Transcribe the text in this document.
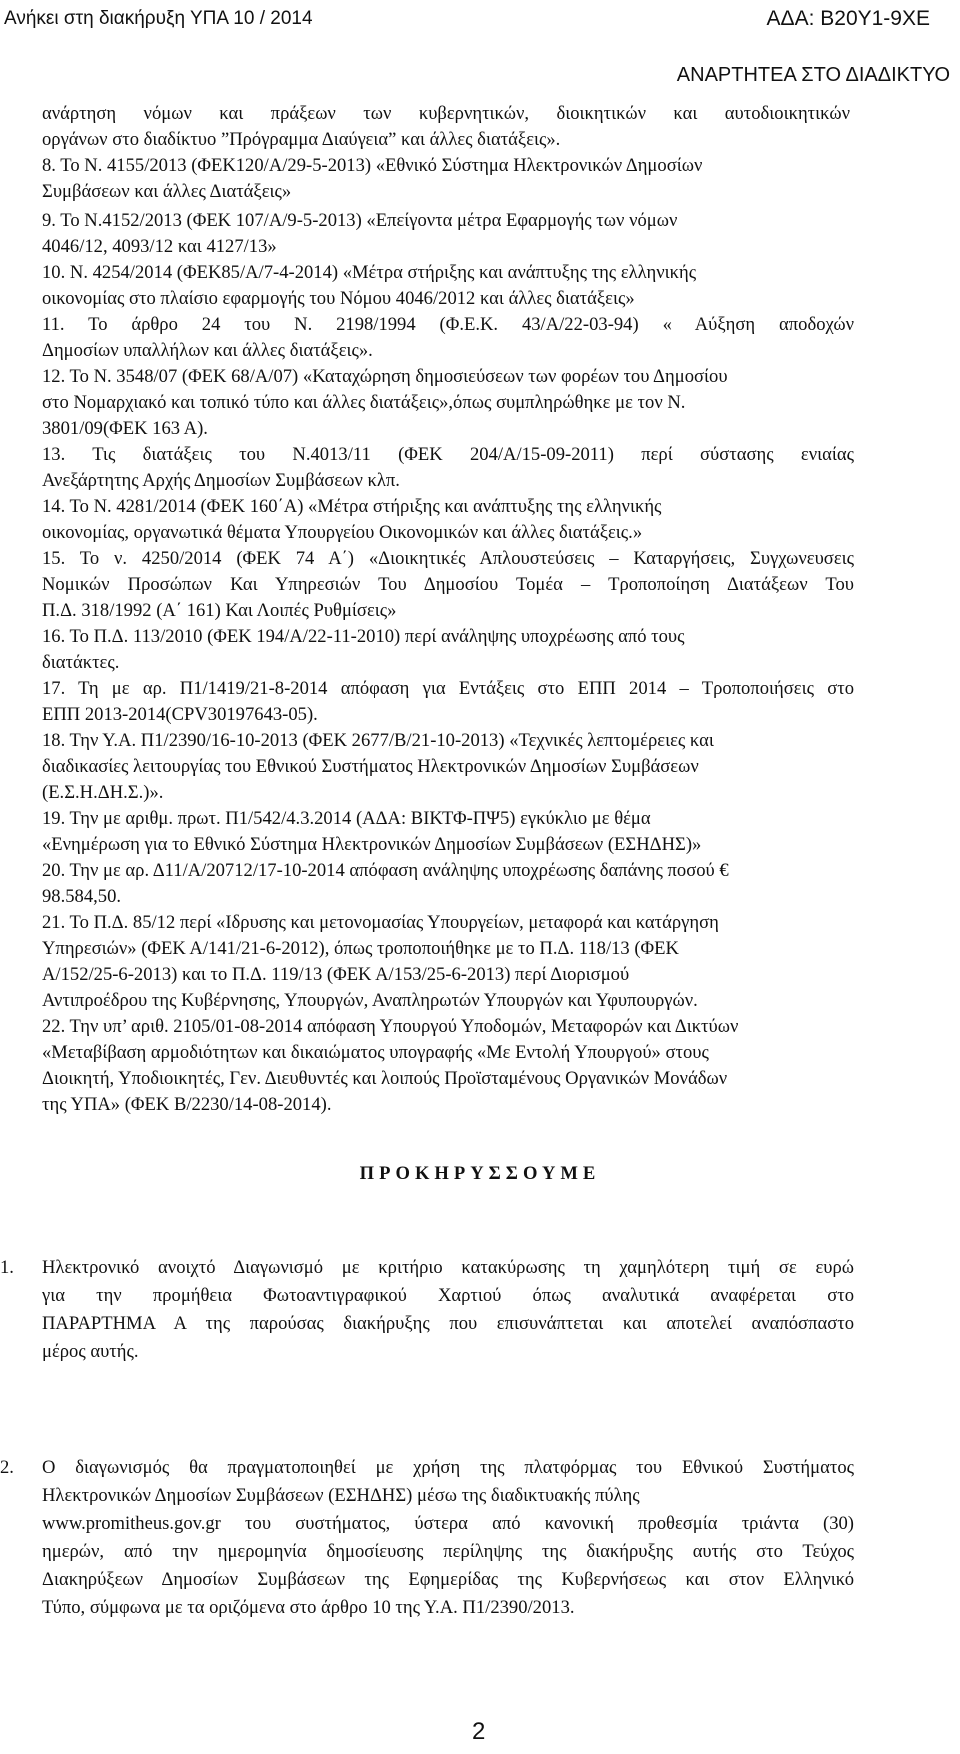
Ανήκει στη διακήρυξη ΥΠΑ 10 / 2014	ΑΔΑ: Β20Υ1-9ΧΕ
ΑΝΑΡΤΗΤΕΑ ΣΤΟ ΔΙΑΔΙΚΤΥΟ
ανάρτηση νόμων και πράξεων των κυβερνητικών, διοικητικών και αυτοδιοικητικών
οργάνων στο διαδίκτυο ”Πρόγραμμα Διαύγεια” και άλλες διατάξεις».
8. Το Ν. 4155/2013 (ΦΕΚ120/Α/29-5-2013) «Εθνικό Σύστημα Ηλεκτρονικών Δημοσίων
Συμβάσεων και άλλες Διατάξεις»
9. Το Ν.4152/2013 (ΦΕΚ 107/Α/9-5-2013) «Επείγοντα μέτρα Εφαρμογής των νόμων
4046/12, 4093/12 και 4127/13»
10. Ν. 4254/2014 (ΦΕΚ85/Α/7-4-2014) «Μέτρα στήριξης και ανάπτυξης της ελληνικής
οικονομίας στο πλαίσιο εφαρμογής του Νόμου 4046/2012 και άλλες διατάξεις»
11. Το άρθρο 24 του Ν. 2198/1994 (Φ.Ε.Κ. 43/Α/22-03-94) « Αύξηση αποδοχών
Δημοσίων υπαλλήλων και άλλες διατάξεις».
12. Το Ν. 3548/07 (ΦΕΚ 68/Α/07) «Καταχώρηση δημοσιεύσεων των φορέων του Δημοσίου
στο Νομαρχιακό και τοπικό τύπο και άλλες διατάξεις»,όπως συμπληρώθηκε με τον Ν.
3801/09(ΦΕΚ 163 Α).
13. Τις διατάξεις του Ν.4013/11 (ΦΕΚ 204/Α/15-09-2011) περί σύστασης ενιαίας
Ανεξάρτητης Αρχής Δημοσίων Συμβάσεων κλπ.
14. Το Ν. 4281/2014 (ΦΕΚ 160΄Α) «Μέτρα στήριξης και ανάπτυξης της ελληνικής
οικονομίας, οργανωτικά θέματα Υπουργείου Οικονομικών και άλλες διατάξεις.»
15. Το ν. 4250/2014 (ΦΕΚ 74 Α΄) «Διοικητικές Απλουστεύσεις – Καταργήσεις, Συγχωνευσεις
Νομικών Προσώπων Και Υπηρεσιών Του Δημοσίου Τομέα – Τροποποίηση Διατάξεων Του
Π.Δ. 318/1992 (Α΄ 161) Και Λοιπές Ρυθμίσεις»
16. Το Π.Δ. 113/2010 (ΦΕΚ 194/Α/22-11-2010) περί ανάληψης υποχρέωσης από τους
διατάκτες.
17. Τη με αρ. Π1/1419/21-8-2014 απόφαση για Εντάξεις στο ΕΠΠ 2014 – Τροποποιήσεις στο
ΕΠΠ 2013-2014(CPV30197643-05).
18. Την Υ.Α. Π1/2390/16-10-2013 (ΦΕΚ 2677/Β/21-10-2013) «Τεχνικές λεπτομέρειες και
διαδικασίες λειτουργίας του Εθνικού Συστήματος Ηλεκτρονικών Δημοσίων Συμβάσεων
(Ε.Σ.Η.ΔΗ.Σ.)».
19. Την με αριθμ. πρωτ. Π1/542/4.3.2014 (ΑΔΑ: ΒΙΚΤΦ-ΠΨ5) εγκύκλιο με θέμα
«Ενημέρωση για το Εθνικό Σύστημα Ηλεκτρονικών Δημοσίων Συμβάσεων (ΕΣΗΔΗΣ)»
20. Την με αρ. Δ11/Α/20712/17-10-2014 απόφαση ανάληψης υποχρέωσης δαπάνης ποσού €
98.584,50.
21. Το Π.Δ. 85/12 περί «Ιδρυσης και μετονομασίας Υπουργείων, μεταφορά και κατάργηση
Υπηρεσιών» (ΦΕΚ Α/141/21-6-2012), όπως τροποποιήθηκε με το Π.Δ. 118/13 (ΦΕΚ
Α/152/25-6-2013) και το Π.Δ. 119/13 (ΦΕΚ Α/153/25-6-2013) περί Διορισμού
Αντιπροέδρου της Κυβέρνησης, Υπουργών, Αναπληρωτών Υπουργών και Υφυπουργών.
22. Την υπ’ αριθ. 2105/01-08-2014 απόφαση Υπουργού Υποδομών, Μεταφορών και Δικτύων
«Μεταβίβαση αρμοδιότητων και δικαιώματος υπογραφής «Με Εντολή Υπουργού» στους
Διοικητή, Υποδιοικητές, Γεν. Διευθυντές και λοιπούς Προϊσταμένους Οργανικών Μονάδων
της ΥΠΑ» (ΦΕΚ Β/2230/14-08-2014).
ΠΡΟΚΗΡΥΣΣΟΥΜΕ
1. Ηλεκτρονικό ανοιχτό Διαγωνισμό με κριτήριο κατακύρωσης τη χαμηλότερη τιμή σε ευρώ
για την προμήθεια Φωτοαντιγραφικού Χαρτιού όπως αναλυτικά αναφέρεται στο
ΠΑΡΑΡΤΗΜΑ Α της παρούσας διακήρυξης που επισυνάπτεται και αποτελεί αναπόσπαστο
μέρος αυτής.
2. Ο διαγωνισμός θα πραγματοποιηθεί με χρήση της πλατφόρμας του Εθνικού Συστήματος
Ηλεκτρονικών Δημοσίων Συμβάσεων (ΕΣΗΔΗΣ) μέσω της διαδικτυακής πύλης
www.promitheus.gov.gr του συστήματος, ύστερα από κανονική προθεσμία τριάντα (30)
ημερών, από την ημερομηνία δημοσίευσης περίληψης της διακήρυξης αυτής στο Τεύχος
Διακηρύξεων Δημοσίων Συμβάσεων της Εφημερίδας της Κυβερνήσεως και στον Ελληνικό
Τύπο, σύμφωνα με τα οριζόμενα στο άρθρο 10 της Υ.Α. Π1/2390/2013.
2
